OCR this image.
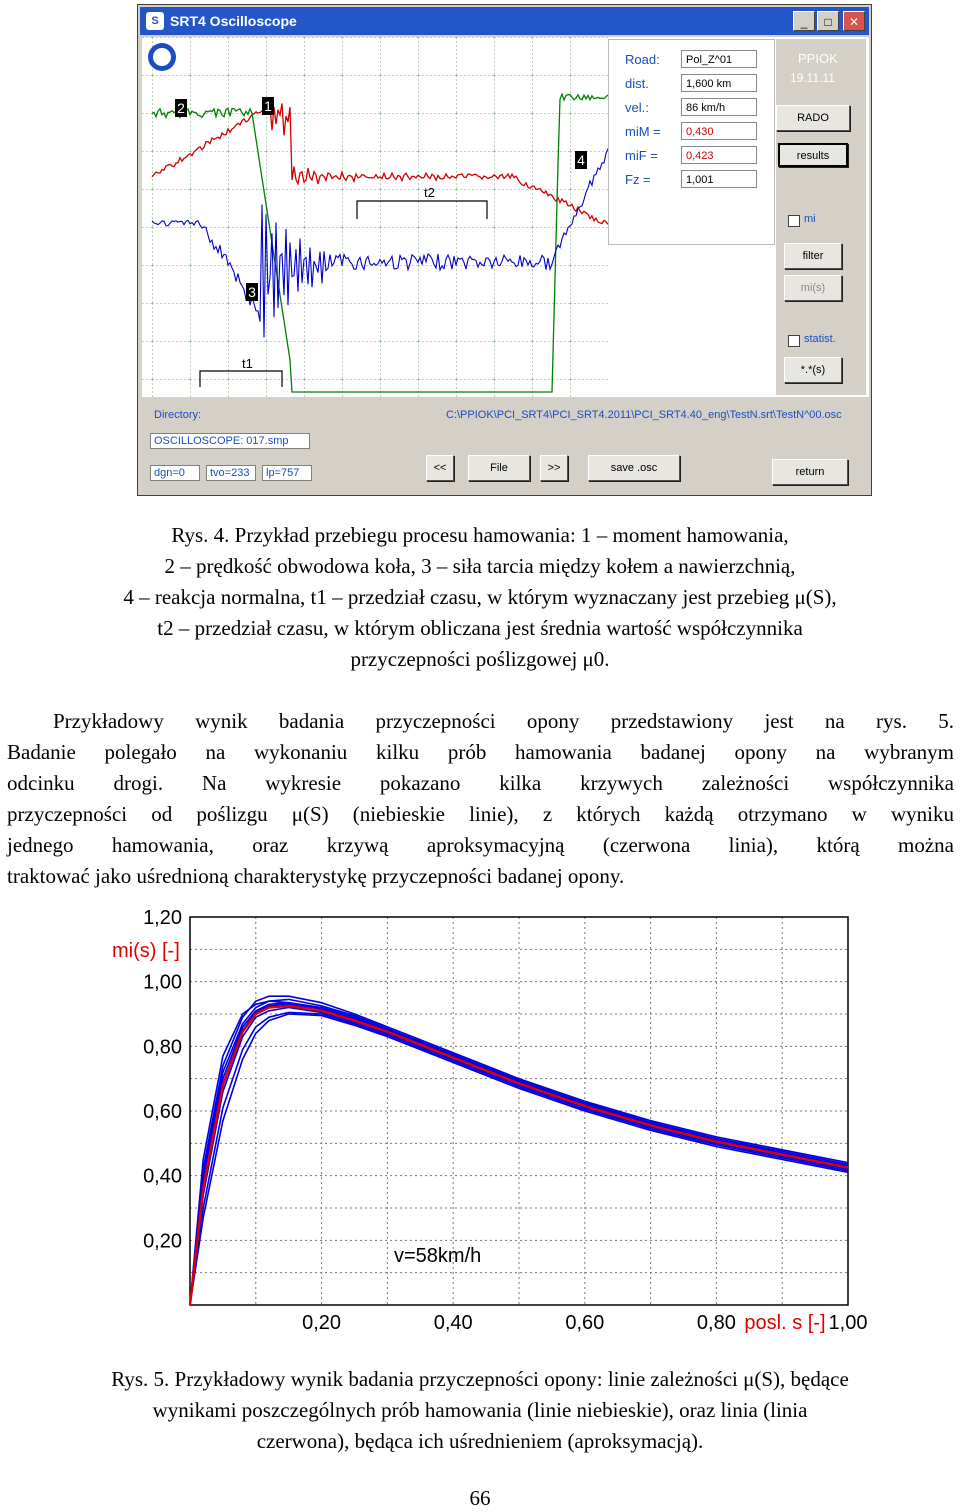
S SRT4 Oscilloscope	_	□	✕
2	1
3
4
t2
t1
Road:	Pol_Z^01
dist.	1,600 km
vel.:	86 km/h
miM =	0,430
miF =	0,423
Fz =	1,001
PPIOK
19.11.11
RADO
results
mi
filter
mi(s)
statist.
*.*(s)
Directory:	C:\PPIOK\PCI_SRT4\PCI_SRT4.2011\PCI_SRT4.40_eng\TestN.srt\TestN^00.osc
OSCILLOSCOPE: 017.smp
dgn=0	tvo=233	lp=757	<<	File	>>	save .osc	return
Rys. 4. Przykład przebiegu procesu hamowania: 1 – moment hamowania,
2 – prędkość obwodowa koła, 3 – siła tarcia między kołem a nawierzchnią,
4 – reakcja normalna, t1 – przedział czasu, w którym wyznaczany jest przebieg μ(S),
t2 – przedział czasu, w którym obliczana jest średnia wartość współczynnika
przyczepności poślizgowej μ0.
Przykładowy wynik badania przyczepności opony przedstawiony jest na rys. 5.
Badanie polegało na wykonaniu kilku prób hamowania badanej opony na wybranym
odcinku drogi. Na wykresie pokazano kilka krzywych zależności współczynnika
przyczepności od poślizgu μ(S) (niebieskie linie), z których każdą otrzymano w wyniku
jednego hamowania, oraz krzywą aproksymacyjną (czerwona linia), którą można
traktować jako uśrednioną charakterystykę przyczepności badanej opony.
0,20	0,40	0,60	0,80	1,00
0,20
0,40
0,60
0,80
1,00
1,20
posl. s [-]
mi(s) [-]
v=58km/h
Rys. 5. Przykładowy wynik badania przyczepności opony: linie zależności μ(S), będące
wynikami poszczególnych prób hamowania (linie niebieskie), oraz linia (linia
czerwona), będąca ich uśrednieniem (aproksymacją).
66
